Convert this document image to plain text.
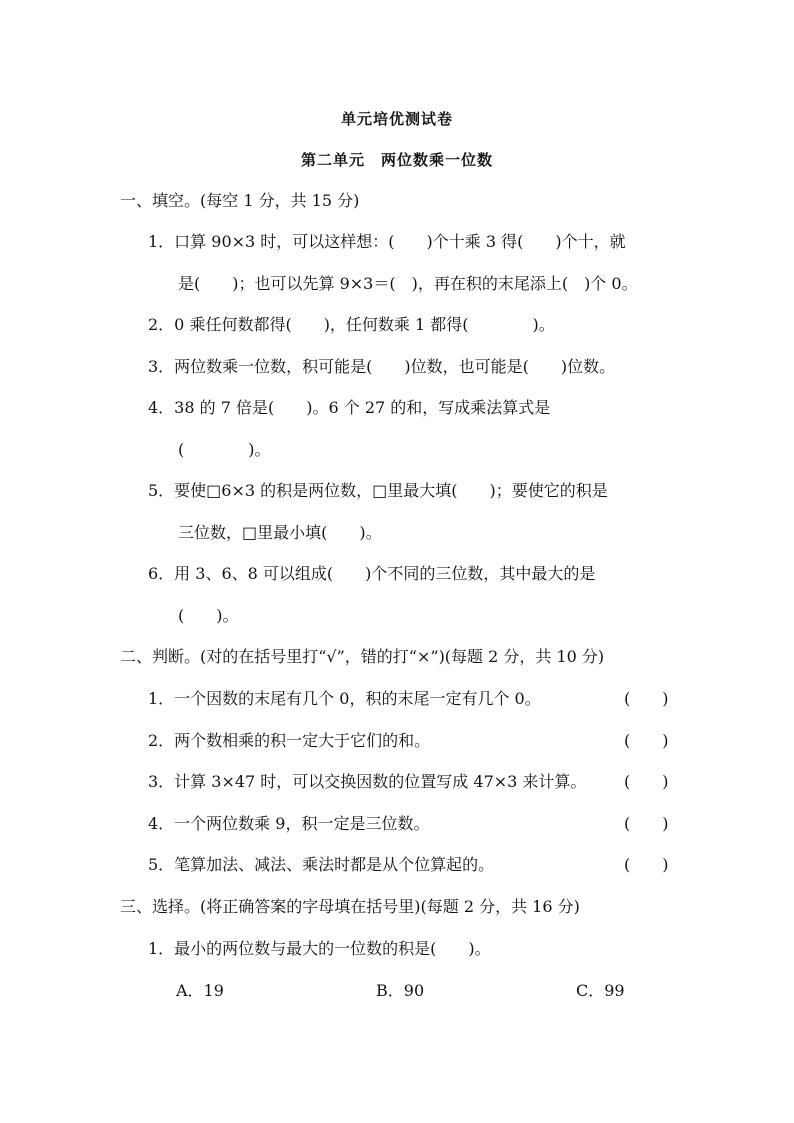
单元培优测试卷
第二单元　两位数乘一位数
一、填空。(每空 1 分，共 15 分)
1．口算 90×3 时，可以这样想：(　　)个十乘 3 得(　　)个十，就
是(　　)；也可以先算 9×3＝(　)，再在积的末尾添上(　)个 0。
2．0 乘任何数都得(　　)，任何数乘 1 都得(　　　　)。
3．两位数乘一位数，积可能是(　　)位数，也可能是(　　)位数。
4．38 的 7 倍是(　　)。6 个 27 的和，写成乘法算式是
(　　　　)。
5．要使□6×3 的积是两位数，□里最大填(　　)；要使它的积是
三位数，□里最小填(　　)。
6．用 3、6、8 可以组成(　　)个不同的三位数，其中最大的是
(　　)。
二、判断。(对的在括号里打“√”，错的打“×”)(每题 2 分，共 10 分)
1．一个因数的末尾有几个 0，积的末尾一定有几个 0。	(　　)
2．两个数相乘的积一定大于它们的和。	(　　)
3．计算 3×47 时，可以交换因数的位置写成 47×3 来计算。 (　　)
4．一个两位数乘 9，积一定是三位数。	(　　)
5．笔算加法、减法、乘法时都是从个位算起的。	(　　)
三、选择。(将正确答案的字母填在括号里)(每题 2 分，共 16 分)
1．最小的两位数与最大的一位数的积是(　　)。
A．19	B．90	C．99
